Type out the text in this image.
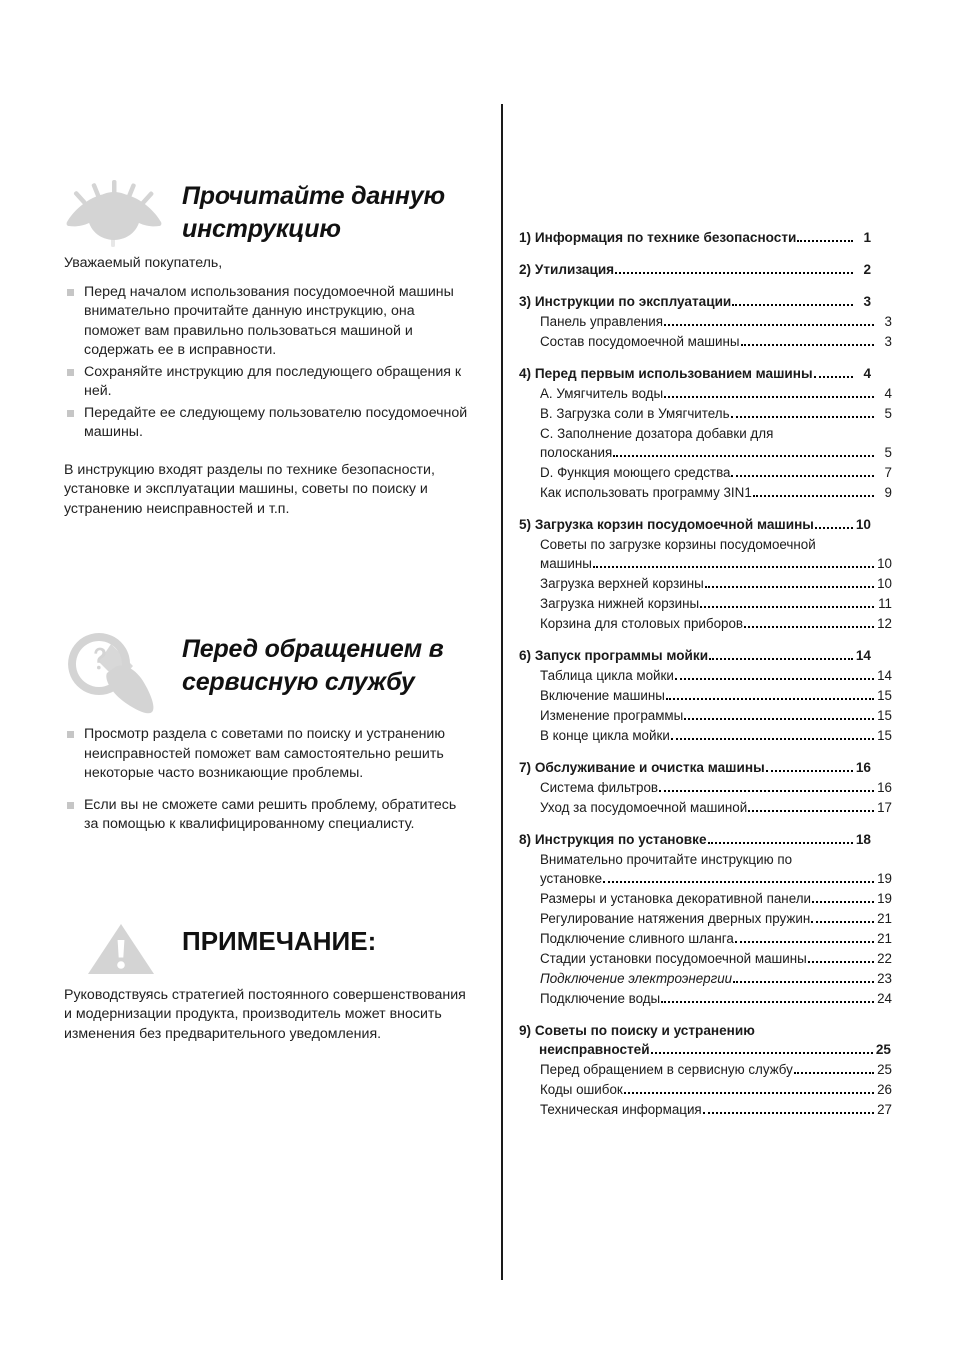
Прочитайте данную инструкцию

Уважаемый покупатель,

Перед началом использования посудомоечной машины внимательно прочитайте данную инструкцию, она поможет вам правильно пользоваться машиной и содержать ее в исправности.
Сохраняйте инструкцию для последующего обращения к ней.
Передайте ее следующему пользователю посудомоечной машины.

В инструкцию входят разделы по технике безопасности, установке и эксплуатации машины, советы по поиску и устранению неисправностей и т.п.

Перед обращением в сервисную службу
Просмотр раздела с советами по поиску и устранению неисправностей поможет вам самостоятельно решить некоторые часто возникающие проблемы.
Если вы не сможете сами решить проблему, обратитесь за помощью к квалифицированному специалисту.
ПРИМЕЧАНИЕ:

Руководствуясь стратегией постоянного совершенствования и модернизации продукта, производитель может вносить изменения без предварительного уведомления.

1) Информация по технике безопасности	1
2) Утилизация	2
3) Инструкции по эксплуатации	3
Панель управления	3
Состав посудомоечной машины	3
4) Перед первым использованием машины	4
A. Умягчитель воды	4
B. Загрузка соли в Умягчитель	5
C. Заполнение дозатора добавки для
полоскания	5
D. Функция моющего средства	7
Как использовать программу 3IN1	9
5) Загрузка корзин посудомоечной машины	10
Советы по загрузке корзины посудомоечной
машины	10
Загрузка верхней корзины	10
Загрузка нижней корзины	11
Корзина для столовых приборов	12
6) Запуск программы мойки	14
Таблица цикла мойки	14
Включение машины	15
Изменение программы	15
В конце цикла мойки	15
7) Обслуживание и очистка машины	16
Система фильтров	16
Уход за посудомоечной машиной	17
8) Инструкция по установке	18
Внимательно прочитайте инструкцию по
установке	19
Размеры и установка декоративной панели	19
Регулирование натяжения дверных пружин	21
Подключение сливного шланга	21
Стадии установки посудомоечной машины	22
Подключение электроэнергии	23
Подключение воды	24
9) Советы по поиску и устранению
неисправностей	25
Перед обращением в сервисную службу	25
Коды ошибок	26
Техническая информация	27
